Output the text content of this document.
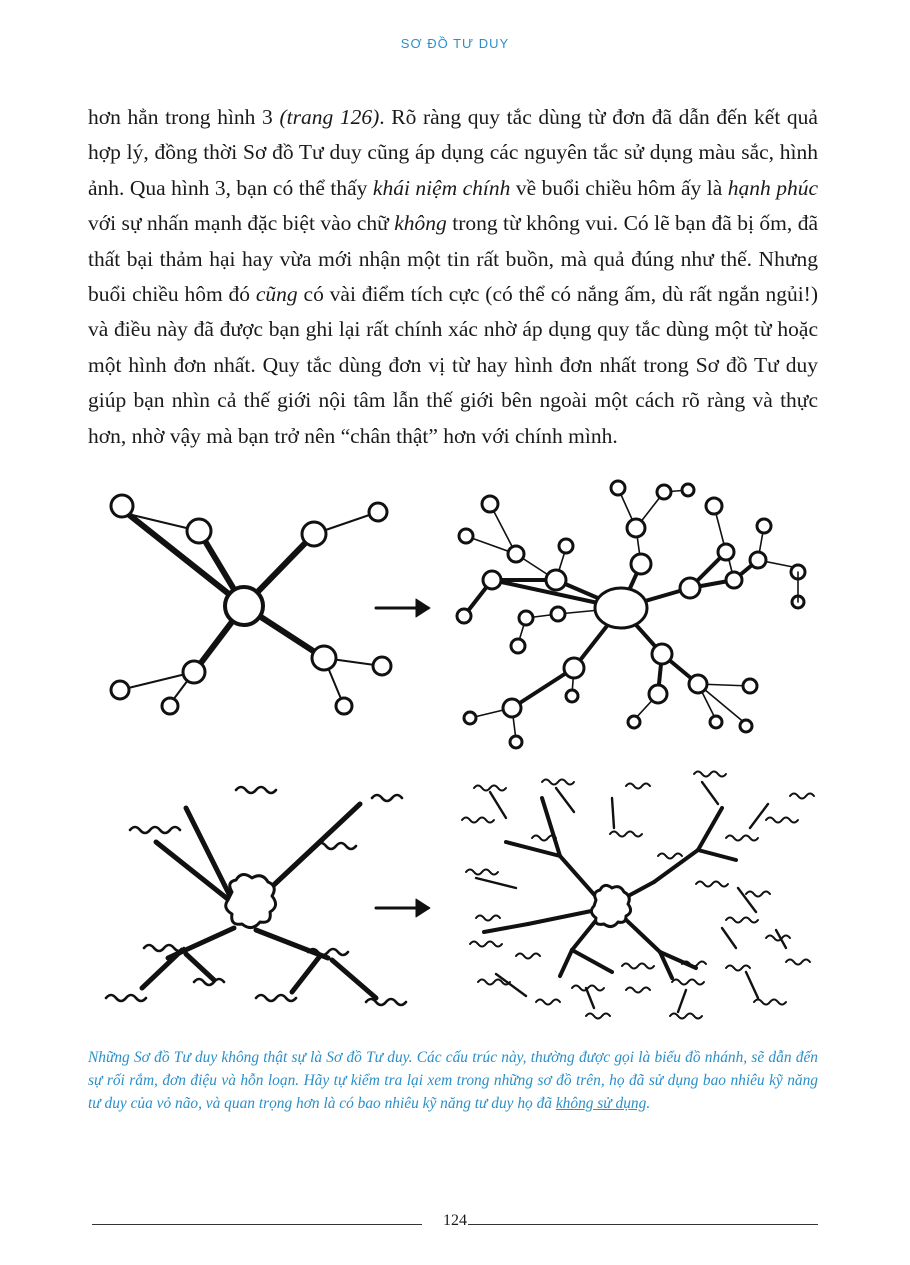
SƠ ĐỒ TƯ DUY

hơn hẳn trong hình 3 (trang 126). Rõ ràng quy tắc dùng từ đơn đã dẫn đến kết quả hợp lý, đồng thời Sơ đồ Tư duy cũng áp dụng các nguyên tắc sử dụng màu sắc, hình ảnh. Qua hình 3, bạn có thể thấy khái niệm chính về buổi chiều hôm ấy là hạnh phúc với sự nhấn mạnh đặc biệt vào chữ không trong từ không vui. Có lẽ bạn đã bị ốm, đã thất bại thảm hại hay vừa mới nhận một tin rất buồn, mà quả đúng như thế. Nhưng buổi chiều hôm đó cũng có vài điểm tích cực (có thể có nắng ấm, dù rất ngắn ngủi!) và điều này đã được bạn ghi lại rất chính xác nhờ áp dụng quy tắc dùng một từ hoặc một hình đơn nhất. Quy tắc dùng đơn vị từ hay hình đơn nhất trong Sơ đồ Tư duy giúp bạn nhìn cả thế giới nội tâm lẫn thế giới bên ngoài một cách rõ ràng và thực hơn, nhờ vậy mà bạn trở nên “chân thật” hơn với chính mình.

Những Sơ đồ Tư duy không thật sự là Sơ đồ Tư duy. Các cấu trúc này, thường được gọi là biểu đồ nhánh, sẽ dẫn đến sự rối rắm, đơn điệu và hỗn loạn. Hãy tự kiểm tra lại xem trong những sơ đồ trên, họ đã sử dụng bao nhiêu kỹ năng tư duy của vỏ não, và quan trọng hơn là có bao nhiêu kỹ năng tư duy họ đã không sử dụng.
124
